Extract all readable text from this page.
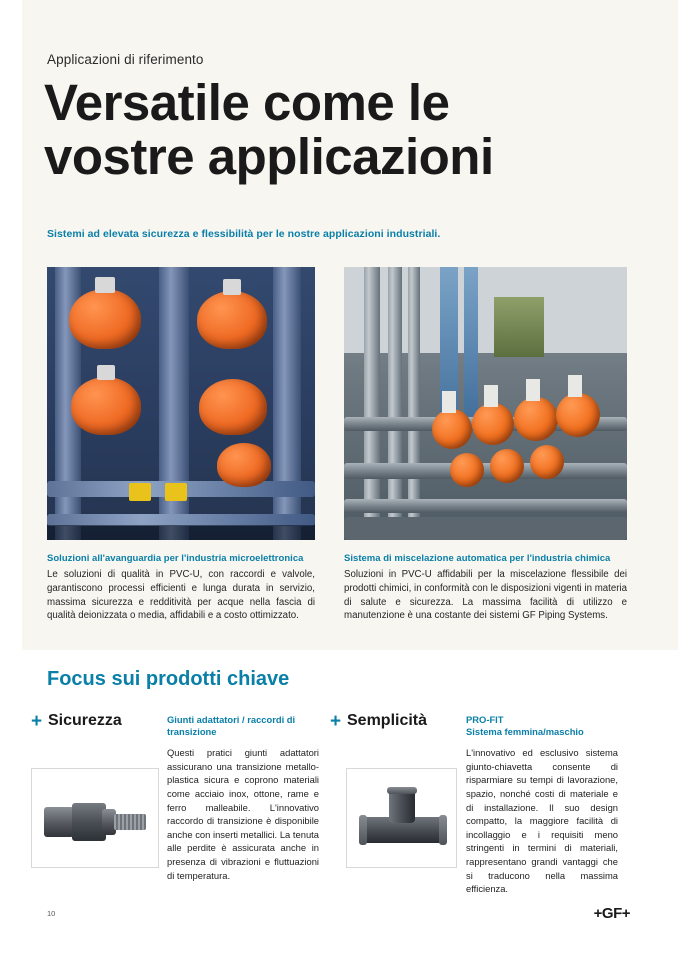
Applicazioni di riferimento
Versatile come le
vostre applicazioni
Sistemi ad elevata sicurezza e flessibilità per le nostre applicazioni industriali.
Soluzioni all'avanguardia per l'industria microelettronica
Le soluzioni di qualità in PVC-U, con raccordi e valvole, garantiscono processi efficienti e lunga durata in servizio, massima sicurezza e redditività per acque nella fascia di qualità deionizzata o media, affidabili e a costo ottimizzato.
Sistema di miscelazione automatica per l'industria chimica
Soluzioni in PVC-U affidabili per la miscelazione flessibile dei prodotti chimici, in conformità con le disposizioni vigenti in materia di salute e sicurezza. La massima facilità di utilizzo e manutenzione è una costante dei sistemi GF Piping Systems.
Focus sui prodotti chiave
+ Sicurezza	Giunti adattatori / raccordi di transizione
Questi pratici giunti adattatori assicurano una transizione metallo-plastica sicura e coprono materiali come acciaio inox, ottone, rame e ferro malleabile. L'innovativo raccordo di transizione è disponibile anche con inserti metallici. La tenuta alle perdite è assicurata anche in presenza di vibrazioni e fluttuazioni di temperatura.
+ Semplicità	PRO-FIT
Sistema femmina/maschio
L'innovativo ed esclusivo sistema giunto-chiavetta consente di risparmiare su tempi di lavorazione, spazio, nonché costi di materiale e di installazione. Il suo design compatto, la maggiore facilità di incollaggio e i requisiti meno stringenti in termini di materiali, rappresentano grandi vantaggi che si traducono nella massima efficienza.
10	+GF+
